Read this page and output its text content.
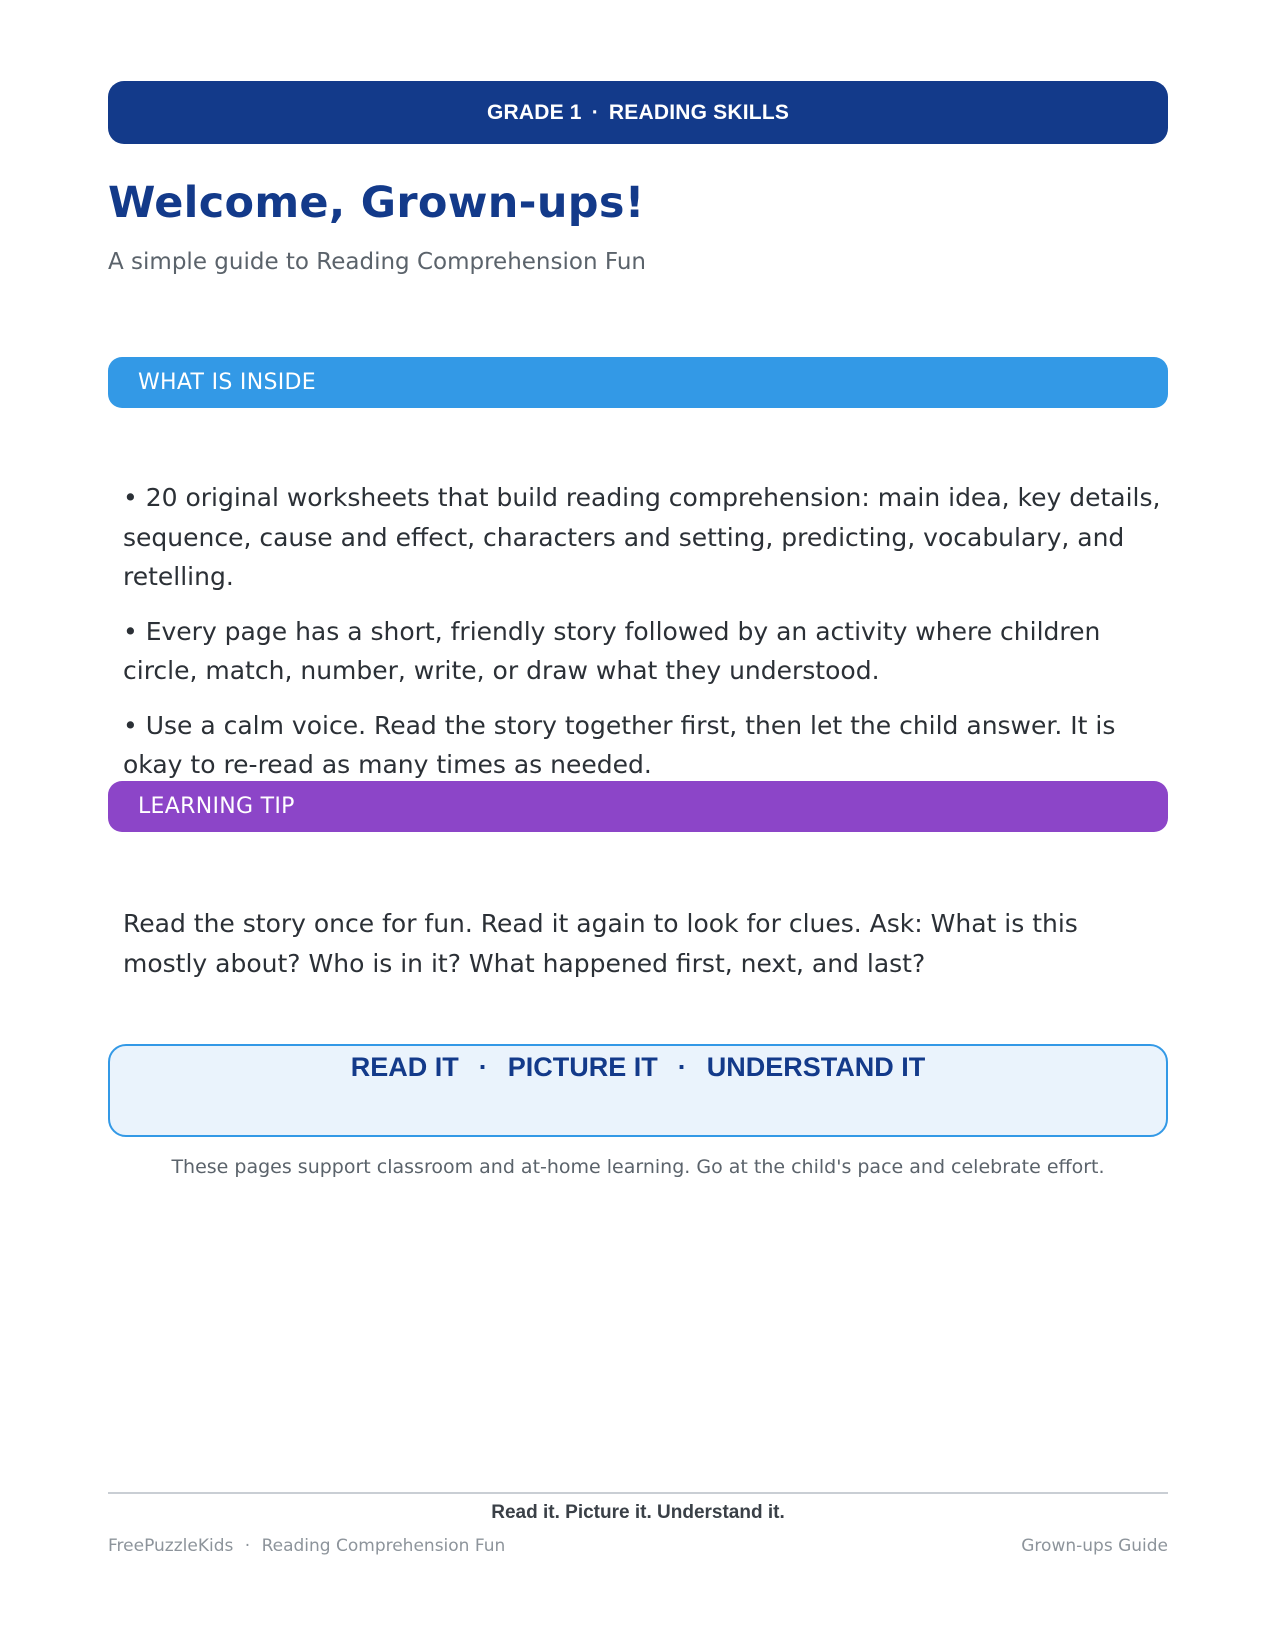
GRADE 1 · READING SKILLS
Welcome, Grown-ups!
A simple guide to Reading Comprehension Fun
WHAT IS INSIDE

• 20 original worksheets that build reading comprehension: main idea, key details, sequence, cause and effect, characters and setting, predicting, vocabulary, and retelling.

• Every page has a short, friendly story followed by an activity where children circle, match, number, write, or draw what they understood.

• Use a calm voice. Read the story together first, then let the child answer. It is okay to re-read as many times as needed.

LEARNING TIP

Read the story once for fun. Read it again to look for clues. Ask: What is this mostly about? Who is in it? What happened first, next, and last?

READ IT · PICTURE IT · UNDERSTAND IT
These pages support classroom and at-home learning. Go at the child's pace and celebrate effort.
Read it. Picture it. Understand it.
FreePuzzleKids · Reading Comprehension Fun	Grown-ups Guide
